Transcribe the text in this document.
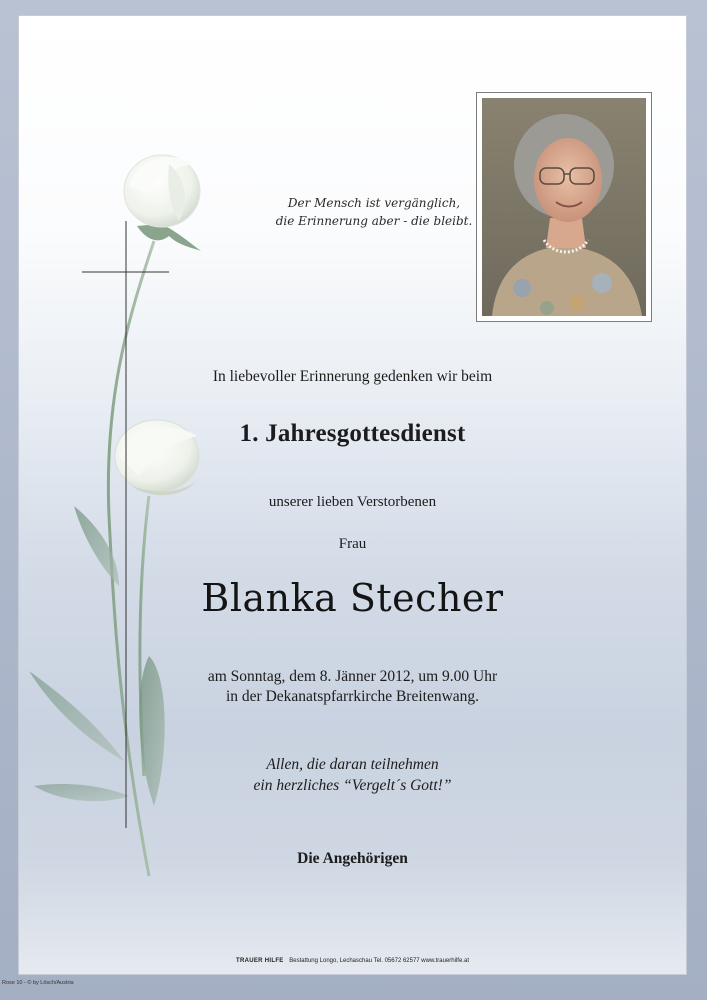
Der Mensch ist vergänglich,
die Erinnerung aber - die bleibt.
In liebevoller Erinnerung gedenken wir beim
1. Jahresgottesdienst
unserer lieben Verstorbenen
Frau
Blanka Stecher
am Sonntag, dem 8. Jänner 2012, um 9.00 Uhr
in der Dekanatspfarrkirche Breitenwang.
Allen, die daran teilnehmen
ein herzliches “Vergelt´s Gott!”
Die Angehörigen
TRAUER HILFE Bestattung Longo, Lechaschau Tel. 05672 62577 www.trauerhilfe.at
Rose 10 - © by Lösch/Austria
